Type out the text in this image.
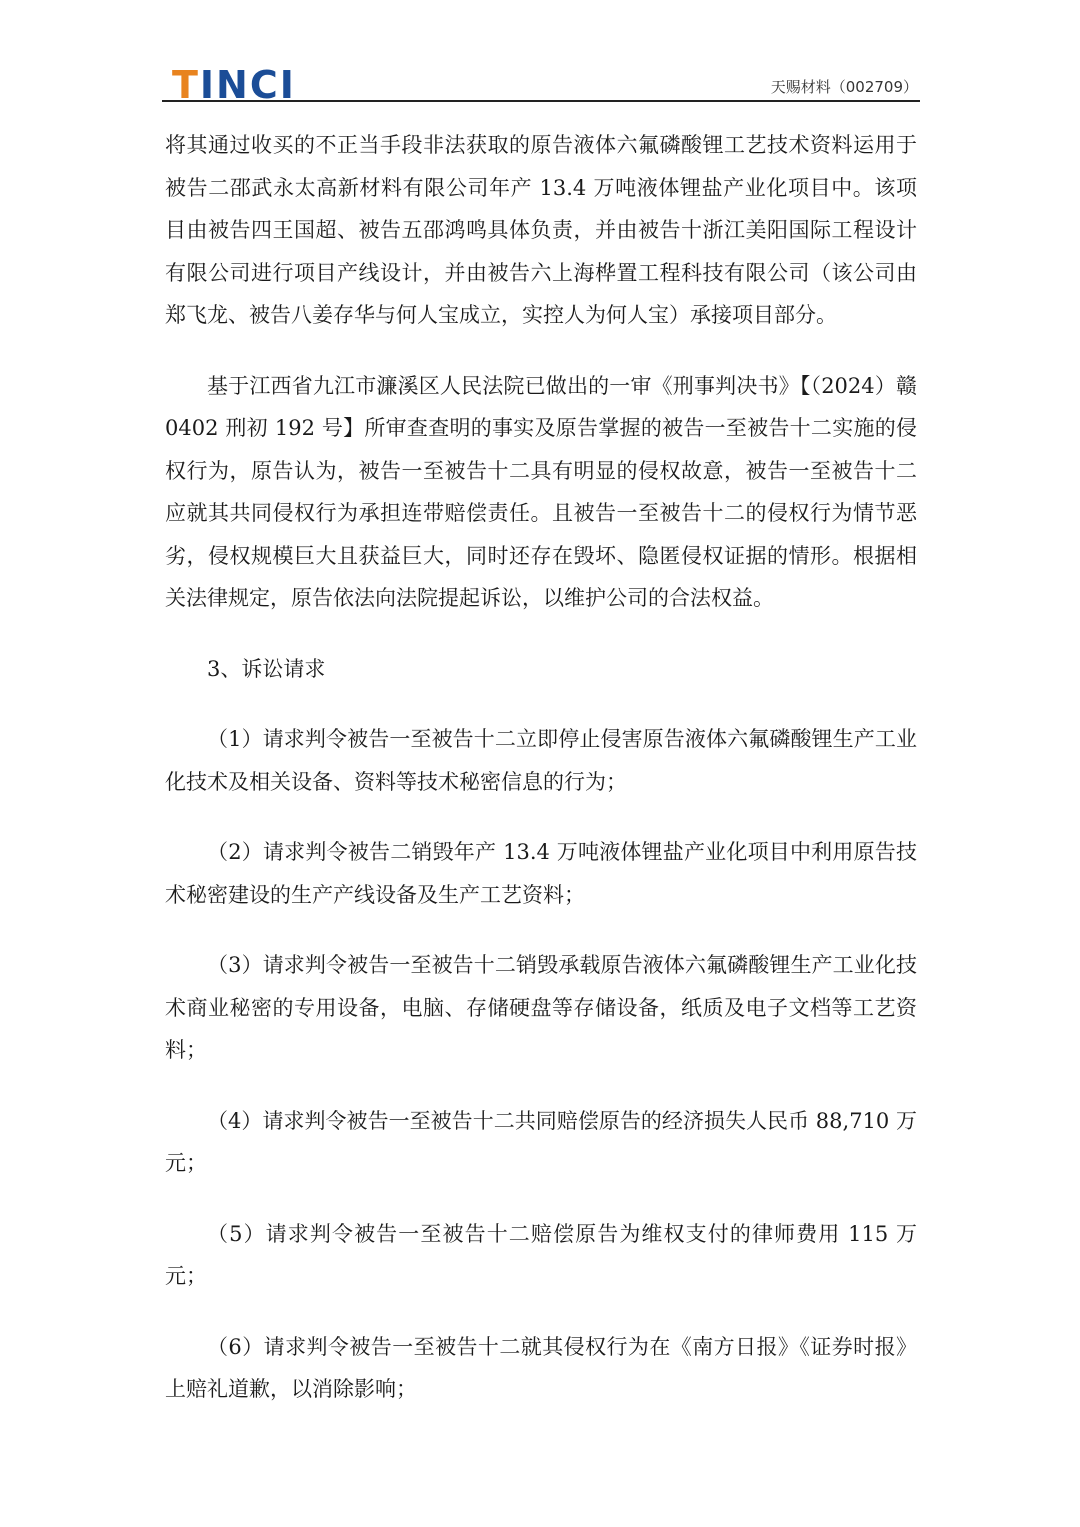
TINCI	天赐材料（002709）

将其通过收买的不正当手段非法获取的原告液体六氟磷酸锂工艺技术资料运用于被告二邵武永太高新材料有限公司年产 13.4 万吨液体锂盐产业化项目中。该项目由被告四王国超、被告五邵鸿鸣具体负责，并由被告十浙江美阳国际工程设计有限公司进行项目产线设计，并由被告六上海桦置工程科技有限公司（该公司由郑飞龙、被告八姜存华与何人宝成立，实控人为何人宝）承接项目部分。

基于江西省九江市濂溪区人民法院已做出的一审《刑事判决书》【（2024）赣 0402 刑初 192 号】所审查查明的事实及原告掌握的被告一至被告十二实施的侵权行为，原告认为，被告一至被告十二具有明显的侵权故意，被告一至被告十二应就其共同侵权行为承担连带赔偿责任。且被告一至被告十二的侵权行为情节恶劣，侵权规模巨大且获益巨大，同时还存在毁坏、隐匿侵权证据的情形。根据相关法律规定，原告依法向法院提起诉讼，以维护公司的合法权益。

3、诉讼请求

（1）请求判令被告一至被告十二立即停止侵害原告液体六氟磷酸锂生产工业化技术及相关设备、资料等技术秘密信息的行为；

（2）请求判令被告二销毁年产 13.4 万吨液体锂盐产业化项目中利用原告技术秘密建设的生产产线设备及生产工艺资料；

（3）请求判令被告一至被告十二销毁承载原告液体六氟磷酸锂生产工业化技术商业秘密的专用设备，电脑、存储硬盘等存储设备，纸质及电子文档等工艺资料；

（4）请求判令被告一至被告十二共同赔偿原告的经济损失人民币 88,710 万元；

（5）请求判令被告一至被告十二赔偿原告为维权支付的律师费用 115 万元；

（6）请求判令被告一至被告十二就其侵权行为在《南方日报》《证券时报》上赔礼道歉，以消除影响；
